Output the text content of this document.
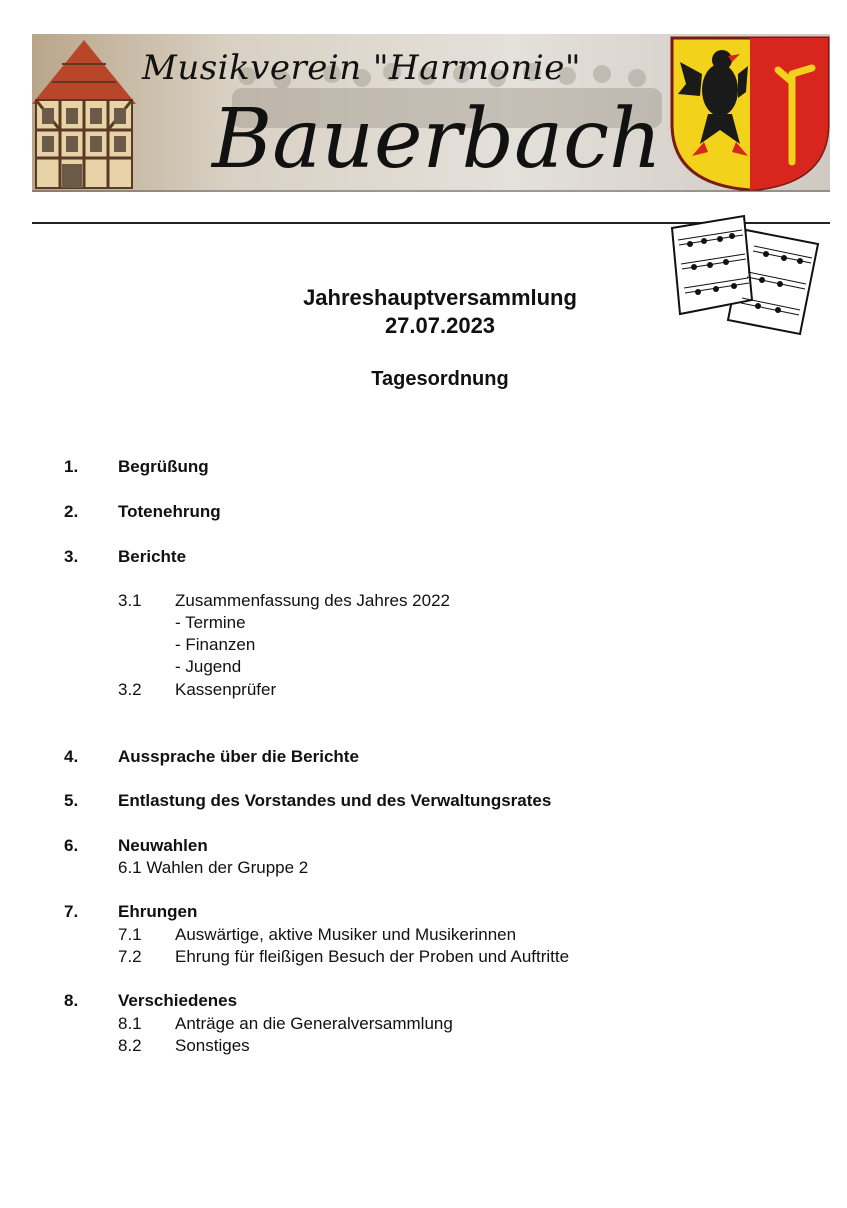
Musikverein "Harmonie"
Bauerbach
Jahreshauptversammlung
27.07.2023
Tagesordnung
1. Begrüßung
2. Totenehrung
3. Berichte
3.1 Zusammenfassung des Jahres 2022
- Termine
- Finanzen
- Jugend
3.2 Kassenprüfer
4. Aussprache über die Berichte
5. Entlastung des Vorstandes und des Verwaltungsrates
6. Neuwahlen
6.1 Wahlen der Gruppe 2
7. Ehrungen
7.1 Auswärtige, aktive Musiker und Musikerinnen
7.2 Ehrung für fleißigen Besuch der Proben und Auftritte
8. Verschiedenes
8.1 Anträge an die Generalversammlung
8.2 Sonstiges
